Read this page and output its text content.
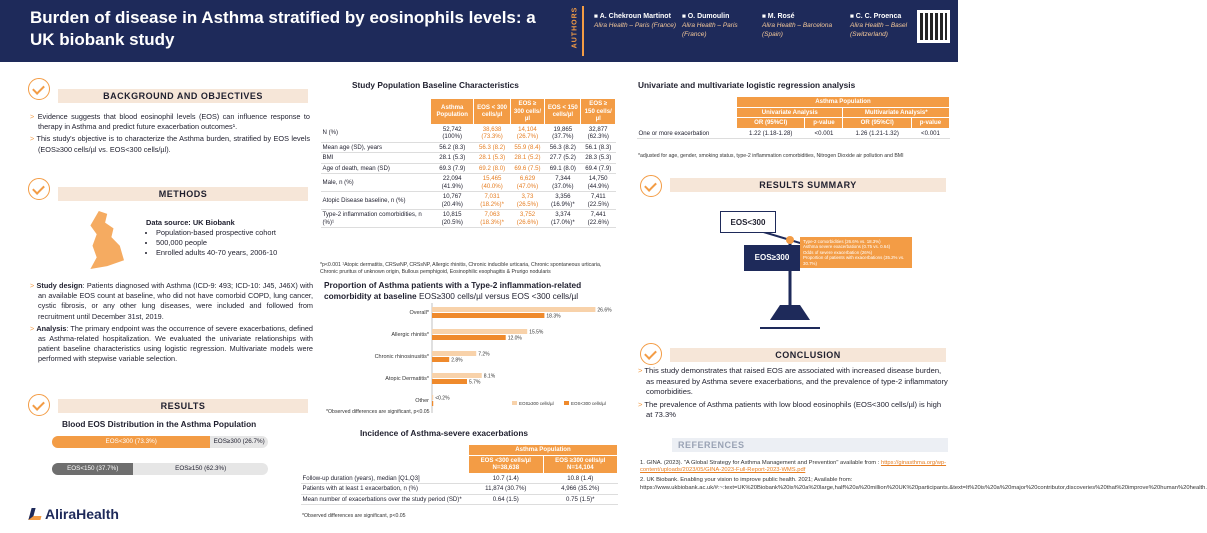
Burden of disease in Asthma stratified by eosinophils levels: a UK biobank study	AUTHORS ■ A. Chekroun Martinot
Alira Health – Paris (France)
■ O. Dumoulin
Alira Health – Paris (France)
■ M. Rosé
Alira Health – Barcelona (Spain)
■ C. C. Proenca
Alira Health – Basel (Switzerland)
BACKGROUND AND OBJECTIVES

> Evidence suggests that blood eosinophil levels (EOS) can influence response to therapy in Asthma and predict future exacerbation outcomes¹.

> This study's objective is to characterize the Asthma burden, stratified by EOS levels (EOS≥300 cells/µl vs. EOS<300 cells/µl).

METHODS
Data source: UK Biobank
• Population-based prospective cohort
• 500,000 people
• Enrolled adults 40-70 years, 2006-10

> Study design: Patients diagnosed with Asthma (ICD-9: 493; ICD-10: J45, J46X) with an available EOS count at baseline, who did not have comorbid COPD, lung cancer, cystic fibrosis, or any other lung diseases, were included and followed from recruitment until December 31st, 2019.

> Analysis: The primary endpoint was the occurrence of severe exacerbations, defined as Asthma-related hospitalization. We evaluated the univariate relationships with patient baseline characteristics using logistic regression. Multivariate models were performed with stepwise variable selection.

RESULTS
Blood EOS Distribution in the Asthma Population
EOS<300 (73.3%)	EOS≥300 (26.7%)
EOS<150 (37.7%)	EOS≥150 (62.3%)
AliraHealth
Study Population Baseline Characteristics
	Asthma Population	EOS < 300 cells/µl	EOS ≥ 300 cells/µl	EOS < 150 cells/µl	EOS ≥ 150 cells/µl
N (%)	52,742 (100%)	38,638 (73.3%)	14,104 (26.7%)	19,865 (37.7%)	32,877 (62.3%)
Mean age (SD), years	56.2 (8.3)	56.3 (8.2)	55.9 (8.4)	56.3 (8.2)	56.1 (8.3)
BMI	28.1 (5.3)	28.1 (5.3)	28.1 (5.2)	27.7 (5.2)	28.3 (5.3)
Age of death, mean (SD)	69.3 (7.9)	69.2 (8.0)	69.6 (7.5)	69.1 (8.0)	69.4 (7.9)
Male, n (%)	22,094 (41.9%)	15,465 (40.0%)	6,629 (47.0%)	7,344 (37.0%)	14,750 (44.9%)
Atopic Disease baseline, n (%)	10,767 (20.4%)	7,031 (18.2%)*	3,73 (26.5%)	3,356 (16.9%)*	7,411 (22.5%)
Type-2 inflammation comorbidities, n (%)¹	10,815 (20.5%)	7,063 (18.3%)*	3,752 (26.6%)	3,374 (17.0%)*	7,441 (22.6%)
*p<0.001 ¹Atopic dermatitis, CRSwNP, CRSsNP, Allergic rhinitis, Chronic inducible urticaria, Chronic spontaneous urticaria, Chronic pruritus of unknown origin, Bullous pemphigoid, Eosinophilic esophagitis & Prurigo nodularis
Proportion of Asthma patients with a Type-2 inflammation-related comorbidity at baseline EOS≥300 cells/µl versus EOS <300 cells/µl
Overall*	26.6%
18.3%
Allergic rhinitis*	15.5%
12.0%
Chronic rhinosinusitis*	7.2%
2.8%
Atopic Dermatitis*	8.1%
5.7%
Other <0.2%
EOS≥300 cells/µl	EOS<300 cells/µl
*Observed differences are significant, p<0.05
Incidence of Asthma-severe exacerbations
	Asthma Population	
	EOS <300 cells/µl N=38,638	EOS ≥300 cells/µl N=14,104
Follow-up duration (years), median [Q1,Q3]	10.7 (1.4)	10.8 (1.4)
Patients with at least 1 exacerbation, n (%)	11,874 (30.7%)	4,966 (35.2%)
Mean number of exacerbations over the study period (SD)*	0.64 (1.5)	0.75 (1.5)*
*Observed differences are significant, p<0.05
Univariate and multivariate logistic regression analysis
	Asthma Population			
	Univariate Analysis		Multivariate Analysis*	
	OR (95%CI)	p-value	OR (95%CI)	p-value
One or more exacerbation	1.22 (1.18-1.28)	<0.001	1.26 (1.21-1.32)	<0.001
*adjusted for age, gender, smoking status, type-2 inflammation comorbidities, Nitrogen Dioxide air pollution and BMI
RESULTS SUMMARY
EOS<300
EOS≥300
Type-2 comorbidities (26.6% vs. 18.3%)
Asthma severe exacerbations (0.75 vs. 0.64)
Odds of severe exacerbation (26%)
Proportion of patients with exacerbations (35.2% vs. 30.7%)
CONCLUSION

> This study demonstrates that raised EOS are associated with increased disease burden, as measured by Asthma severe exacerbations, and the prevalence of type-2 inflammatory comorbidities.

> The prevalence of Asthma patients with low blood eosinophils (EOS<300 cells/µl) is high at 73.3%

REFERENCES
1. GINA. (2023). "A Global Strategy for Asthma Management and Prevention" available from : https://ginasthma.org/wp-content/uploads/2023/05/GINA-2023-Full-Report-2023-WMS.pdf
2. UK Biobank. Enabling your vision to improve public health. 2021; Available from: https://www.ukbiobank.ac.uk/#:~:text=UK%20Biobank%20is%20a%20large,half%20a%20million%20UK%20participants.&text=It%20is%20a%20major%20contributor,discoveries%20that%20improve%20human%20health.
